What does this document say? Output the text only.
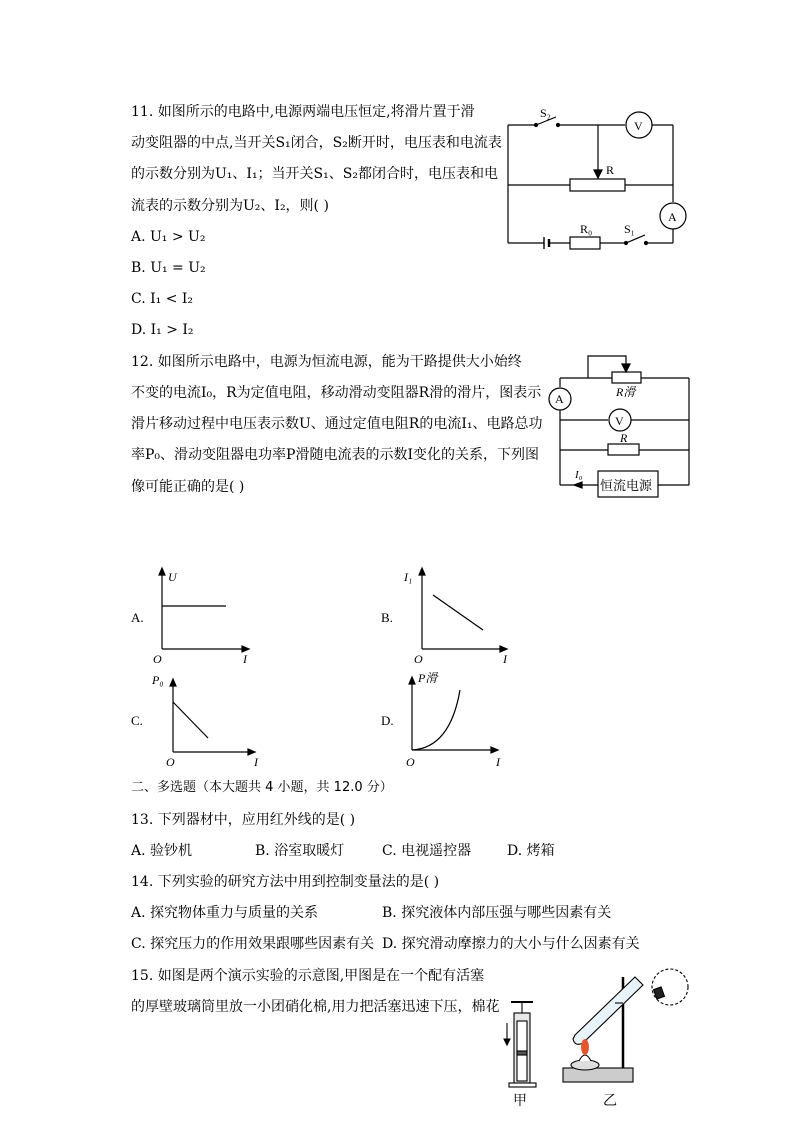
11. 如图所示的电路中,电源两端电压恒定,将滑片置于滑
动变阻器的中点,当开关S₁闭合，S₂断开时，电压表和电流表
的示数分别为U₁、I₁；当开关S₁、S₂都闭合时，电压表和电
流表的示数分别为U₂、I₂，则( )
A. U₁ > U₂
B. U₁ = U₂
C. I₁ < I₂
D. I₁ > I₂
S₂
V
R
A
R₀	S₁
12. 如图所示电路中，电源为恒流电源，能为干路提供大小始终
不变的电流I₀，R为定值电阻，移动滑动变阻器R滑的滑片，图表示
滑片移动过程中电压表示数U、通过定值电阻R的电流I₁、电路总功
率P₀、滑动变阻器电功率P滑随电流表的示数I变化的关系，下列图
像可能正确的是( )
A	R滑
V
R
I₀
恒流电源
A.
U
O	I
B.
I₁
O	I
C.
P₀
O	I
D.
P滑
O	I
二、多选题（本大题共 4 小题，共 12.0 分）
13. 下列器材中，应用红外线的是( )
A. 验钞机	B. 浴室取暖灯	C. 电视遥控器	D. 烤箱
14. 下列实验的研究方法中用到控制变量法的是( )
A. 探究物体重力与质量的关系	B. 探究液体内部压强与哪些因素有关
C. 探究压力的作用效果跟哪些因素有关 D. 探究滑动摩擦力的大小与什么因素有关
15. 如图是两个演示实验的示意图,甲图是在一个配有活塞
的厚壁玻璃筒里放一小团硝化棉,用力把活塞迅速下压，棉花
甲	乙
